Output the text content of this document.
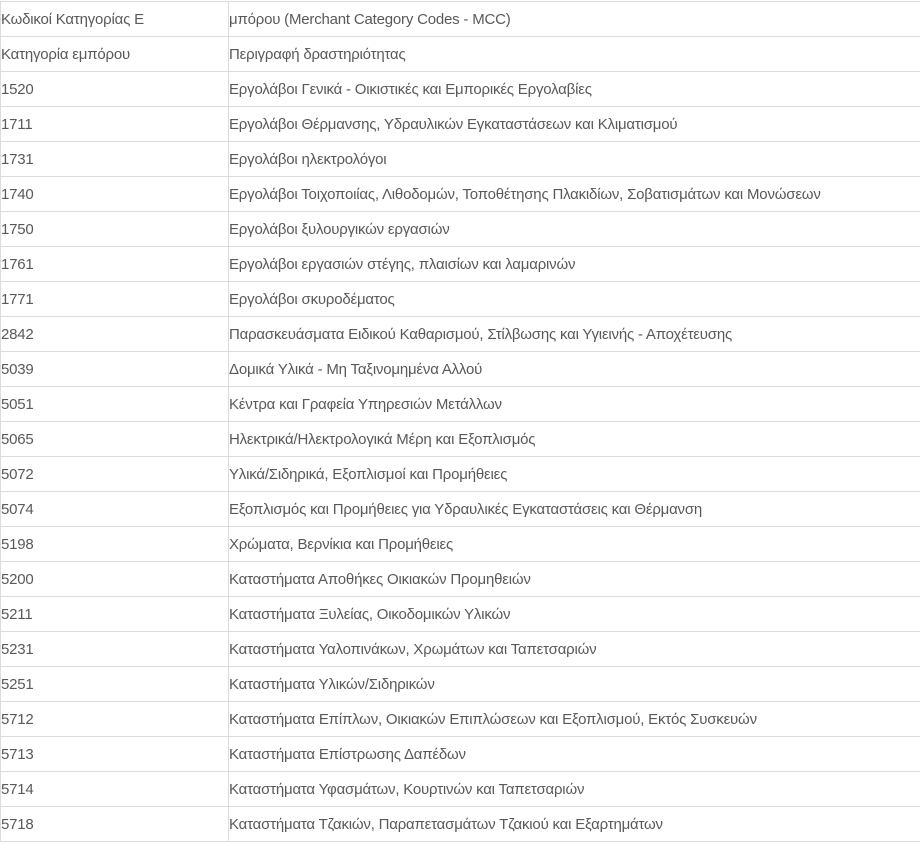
Κωδικοί Κατηγορίας Ε	μπόρου (Merchant Category Codes - MCC)
Κατηγορία εμπόρου	Περιγραφή δραστηριότητας
1520	Εργολάβοι Γενικά - Οικιστικές και Εμπορικές Εργολαβίες
1711	Εργολάβοι Θέρμανσης, Υδραυλικών Εγκαταστάσεων και Κλιματισμού
1731	Εργολάβοι ηλεκτρολόγοι
1740	Εργολάβοι Τοιχοποιίας, Λιθοδομών, Τοποθέτησης Πλακιδίων, Σοβατισμάτων και Μονώσεων
1750	Εργολάβοι ξυλουργικών εργασιών
1761	Εργολάβοι εργασιών στέγης, πλαισίων και λαμαρινών
1771	Εργολάβοι σκυροδέματος
2842	Παρασκευάσματα Ειδικού Καθαρισμού, Στίλβωσης και Υγιεινής - Αποχέτευσης
5039	Δομικά Υλικά - Μη Ταξινομημένα Αλλού
5051	Κέντρα και Γραφεία Υπηρεσιών Μετάλλων
5065	Ηλεκτρικά/Ηλεκτρολογικά Μέρη και Εξοπλισμός
5072	Υλικά/Σιδηρικά, Εξοπλισμοί και Προμήθειες
5074	Εξοπλισμός και Προμήθειες για Υδραυλικές Εγκαταστάσεις και Θέρμανση
5198	Χρώματα, Βερνίκια και Προμήθειες
5200	Καταστήματα Αποθήκες Οικιακών Προμηθειών
5211	Καταστήματα Ξυλείας, Οικοδομικών Υλικών
5231	Καταστήματα Υαλοπινάκων, Χρωμάτων και Ταπετσαριών
5251	Καταστήματα Υλικών/Σιδηρικών
5712	Καταστήματα Επίπλων, Οικιακών Επιπλώσεων και Εξοπλισμού, Εκτός Συσκευών
5713	Καταστήματα Επίστρωσης Δαπέδων
5714	Καταστήματα Υφασμάτων, Κουρτινών και Ταπετσαριών
5718	Καταστήματα Τζακιών, Παραπετασμάτων Τζακιού και Εξαρτημάτων
